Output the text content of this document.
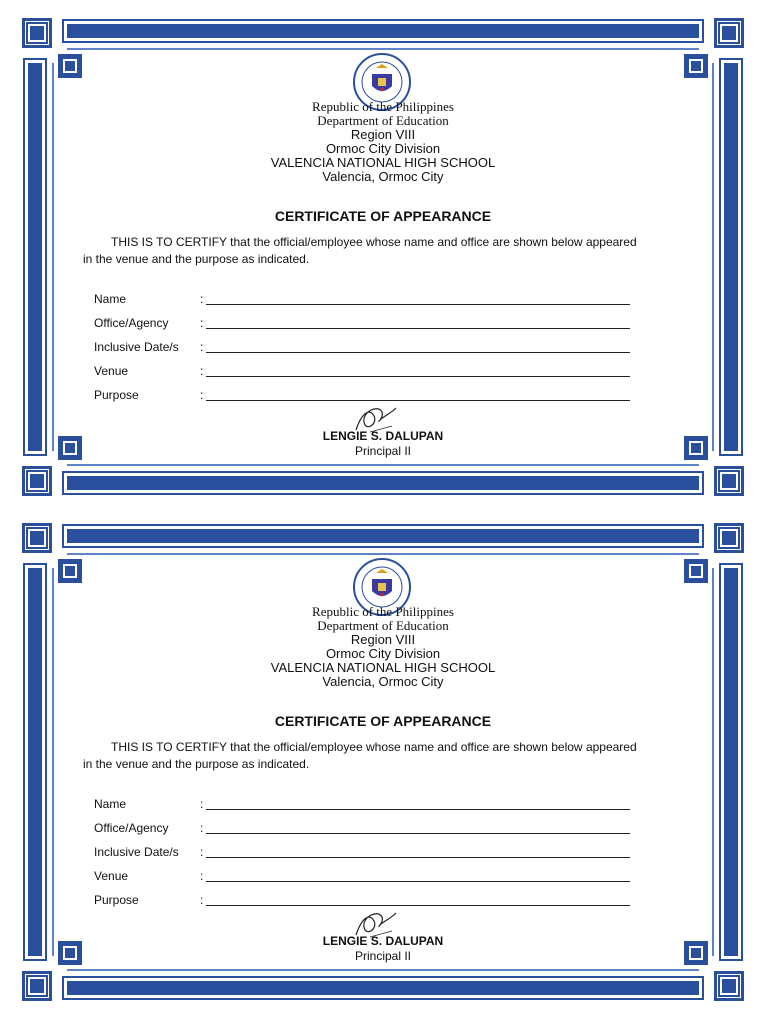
Republic of the Philippines
Department of Education
Region VIII
Ormoc City Division
VALENCIA NATIONAL HIGH SCHOOL
Valencia, Ormoc City
CERTIFICATE OF APPEARANCE
THIS IS TO CERTIFY that the official/employee whose name and office are shown below appeared in the venue and the purpose as indicated.
Name	:
Office/Agency	:
Inclusive Date/s :
Venue	:
Purpose	:
LENGIE S. DALUPAN
Principal II
Republic of the Philippines
Department of Education
Region VIII
Ormoc City Division
VALENCIA NATIONAL HIGH SCHOOL
Valencia, Ormoc City
CERTIFICATE OF APPEARANCE
THIS IS TO CERTIFY that the official/employee whose name and office are shown below appeared in the venue and the purpose as indicated.
Name	:
Office/Agency	:
Inclusive Date/s :
Venue	:
Purpose	:
LENGIE S. DALUPAN
Principal II
